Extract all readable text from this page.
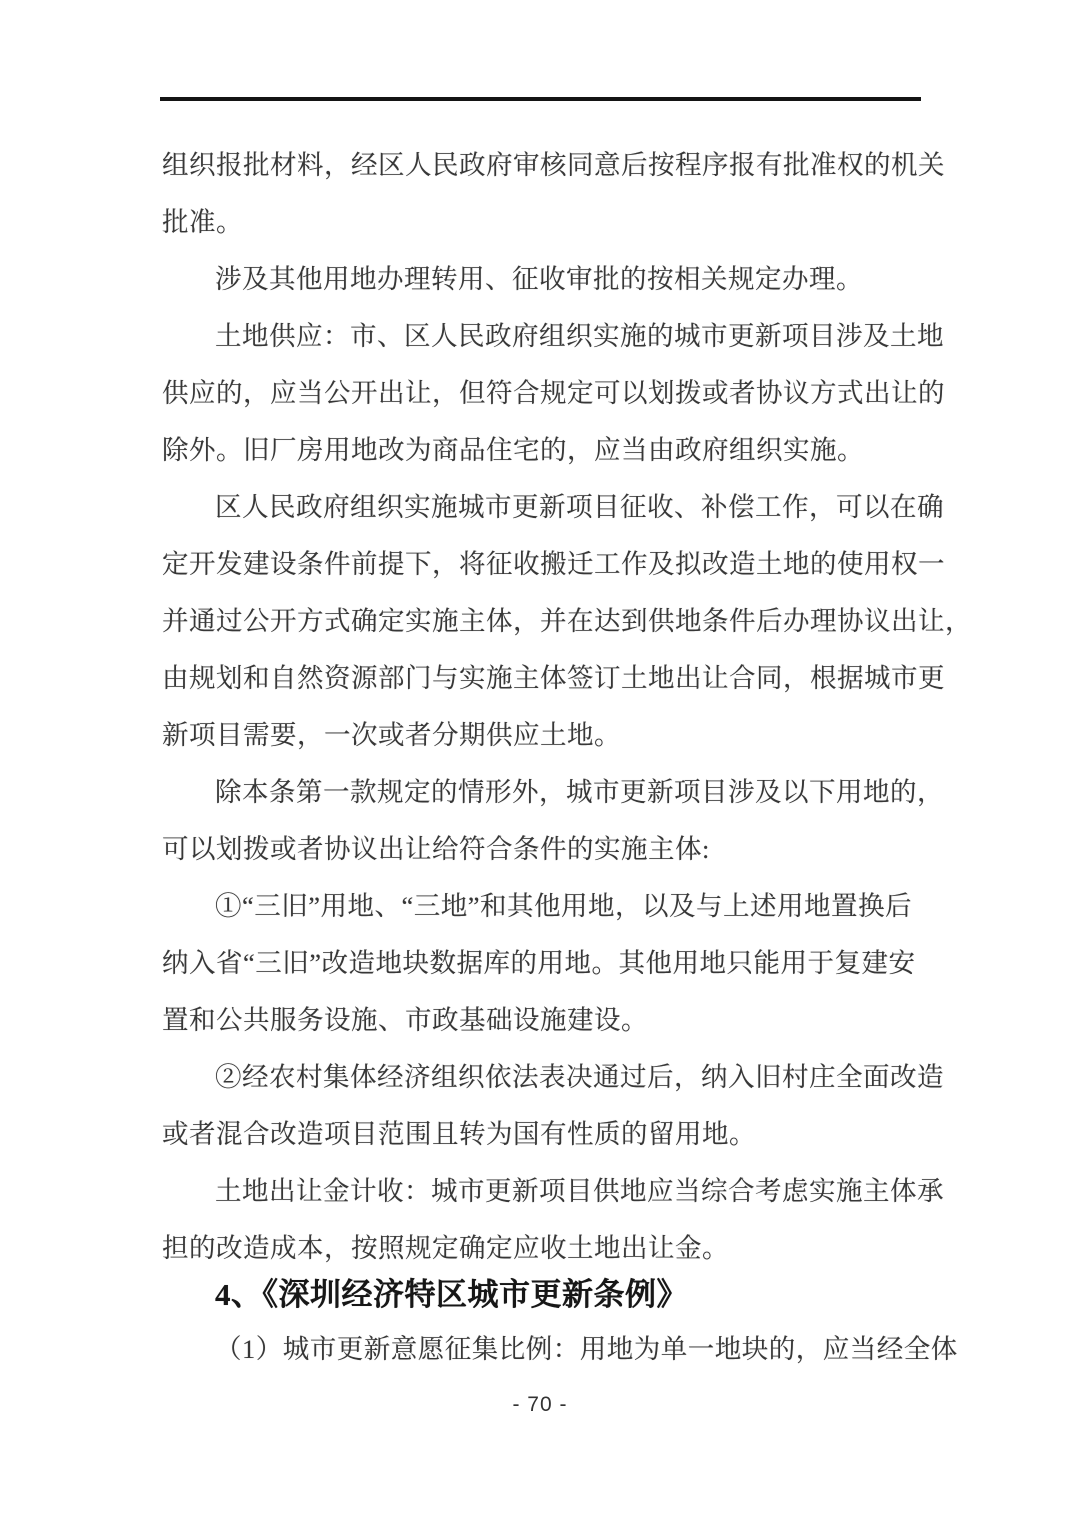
组织报批材料，经区人民政府审核同意后按程序报有批准权的机关
批准。
涉及其他用地办理转用、征收审批的按相关规定办理。
土地供应：市、区人民政府组织实施的城市更新项目涉及土地
供应的，应当公开出让，但符合规定可以划拨或者协议方式出让的
除外。旧厂房用地改为商品住宅的，应当由政府组织实施。
区人民政府组织实施城市更新项目征收、补偿工作，可以在确
定开发建设条件前提下，将征收搬迁工作及拟改造土地的使用权一
并通过公开方式确定实施主体，并在达到供地条件后办理协议出让，
由规划和自然资源部门与实施主体签订土地出让合同，根据城市更
新项目需要，一次或者分期供应土地。
除本条第一款规定的情形外，城市更新项目涉及以下用地的，
可以划拨或者协议出让给符合条件的实施主体:
①“三旧”用地、“三地”和其他用地，以及与上述用地置换后
纳入省“三旧”改造地块数据库的用地。其他用地只能用于复建安
置和公共服务设施、市政基础设施建设。
②经农村集体经济组织依法表决通过后，纳入旧村庄全面改造
或者混合改造项目范围且转为国有性质的留用地。
土地出让金计收：城市更新项目供地应当综合考虑实施主体承
担的改造成本，按照规定确定应收土地出让金。
4、《深圳经济特区城市更新条例》
（1）城市更新意愿征集比例：用地为单一地块的，应当经全体
- 70 -
